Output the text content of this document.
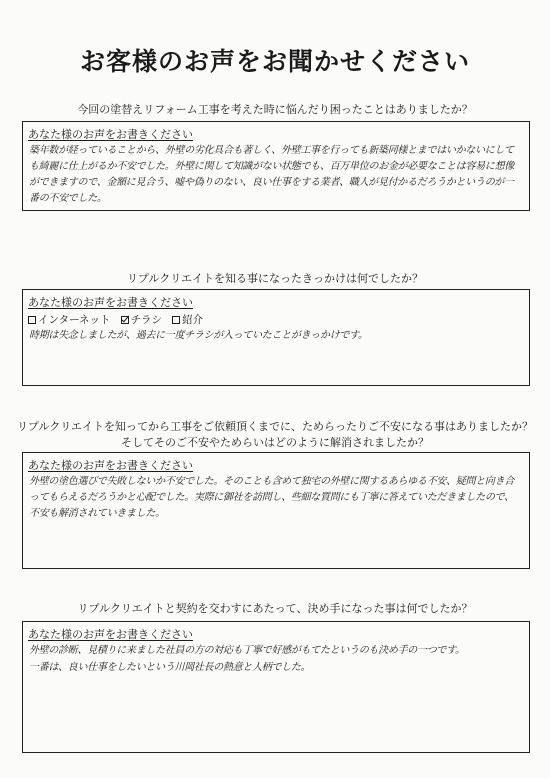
お客様のお声をお聞かせください
今回の塗替えリフォーム工事を考えた時に悩んだり困ったことはありましたか？
あなた様のお声をお書きください
築年数が経っていることから、外壁の劣化具合も著しく、外壁工事を行っても新築同様とまではいかないにしても綺麗に仕上がるか不安でした。外壁に関して知識がない状態でも、百万単位のお金が必要なことは容易に想像ができますので、金額に見合う、嘘や偽りのない、良い仕事をする業者、職人が見付かるだろうかというのが一番の不安でした。
リプルクリエイトを知る事になったきっかけは何でしたか？
あなた様のお声をお書きください
インターネット チラシ 紹介
時期は失念しましたが、過去に一度チラシが入っていたことがきっかけです。
リプルクリエイトを知ってから工事をご依頼頂くまでに、ためらったりご不安になる事はありましたか？
そしてそのご不安やためらいはどのように解消されましたか？
あなた様のお声をお書きください
外壁の塗色選びで失敗しないか不安でした。そのことも含めて独宅の外壁に関するあらゆる不安、疑問と向き合ってもらえるだろうかと心配でした。実際に御社を訪問し、些細な質問にも丁寧に答えていただきましたので、不安も解消されていきました。
リプルクリエイトと契約を交わすにあたって、決め手になった事は何でしたか？
あなた様のお声をお書きください
外壁の診断、見積りに来ました社員の方の対応も丁寧で好感がもてたというのも決め手の一つです。
一番は、良い仕事をしたいという川岡社長の熱意と人柄でした。
